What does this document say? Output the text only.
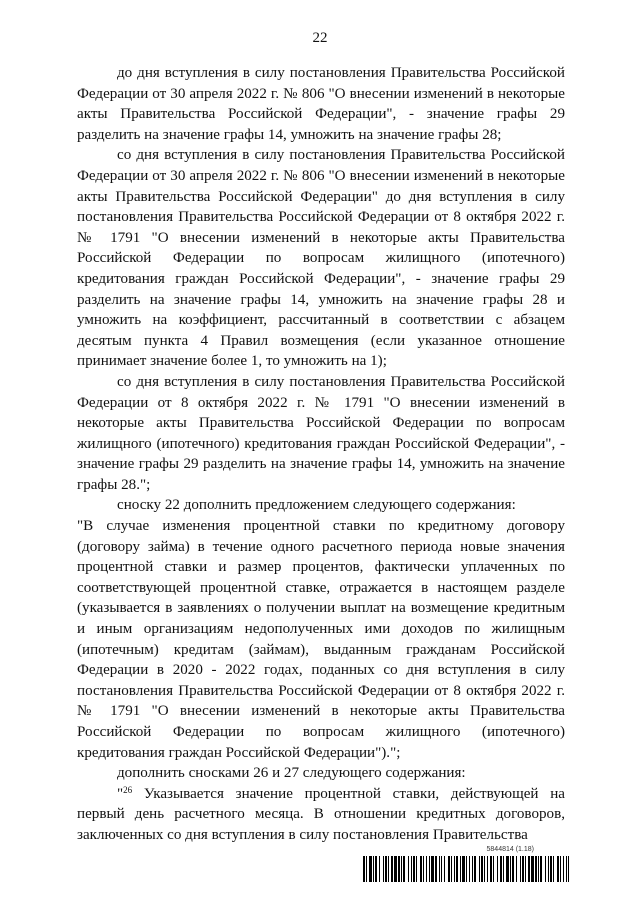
22

до дня вступления в силу постановления Правительства Российской Федерации от 30 апреля 2022 г. № 806 "О внесении изменений в некоторые акты Правительства Российской Федерации", - значение графы 29 разделить на значение графы 14, умножить на значение графы 28;

со дня вступления в силу постановления Правительства Российской Федерации от 30 апреля 2022 г. № 806 "О внесении изменений в некоторые акты Правительства Российской Федерации" до дня вступления в силу постановления Правительства Российской Федерации от 8 октября 2022 г. № 1791 "О внесении изменений в некоторые акты Правительства Российской Федерации по вопросам жилищного (ипотечного) кредитования граждан Российской Федерации", - значение графы 29 разделить на значение графы 14, умножить на значение графы 28 и умножить на коэффициент, рассчитанный в соответствии с абзацем десятым пункта 4 Правил возмещения (если указанное отношение принимает значение более 1, то умножить на 1);

со дня вступления в силу постановления Правительства Российской Федерации от 8 октября 2022 г. № 1791 "О внесении изменений в некоторые акты Правительства Российской Федерации по вопросам жилищного (ипотечного) кредитования граждан Российской Федерации", - значение графы 29 разделить на значение графы 14, умножить на значение графы 28.";

сноску 22 дополнить предложением следующего содержания:

"В случае изменения процентной ставки по кредитному договору (договору займа) в течение одного расчетного периода новые значения процентной ставки и размер процентов, фактически уплаченных по соответствующей процентной ставке, отражается в настоящем разделе (указывается в заявлениях о получении выплат на возмещение кредитным и иным организациям недополученных ими доходов по жилищным (ипотечным) кредитам (займам), выданным гражданам Российской Федерации в 2020 - 2022 годах, поданных со дня вступления в силу постановления Правительства Российской Федерации от 8 октября 2022 г. № 1791 "О внесении изменений в некоторые акты Правительства Российской Федерации по вопросам жилищного (ипотечного) кредитования граждан Российской Федерации").";

дополнить сносками 26 и 27 следующего содержания:

"$^{26}$ Указывается значение процентной ставки, действующей на первый день расчетного месяца. В отношении кредитных договоров, заключенных со дня вступления в силу постановления Правительства

5844814 (1.18)
